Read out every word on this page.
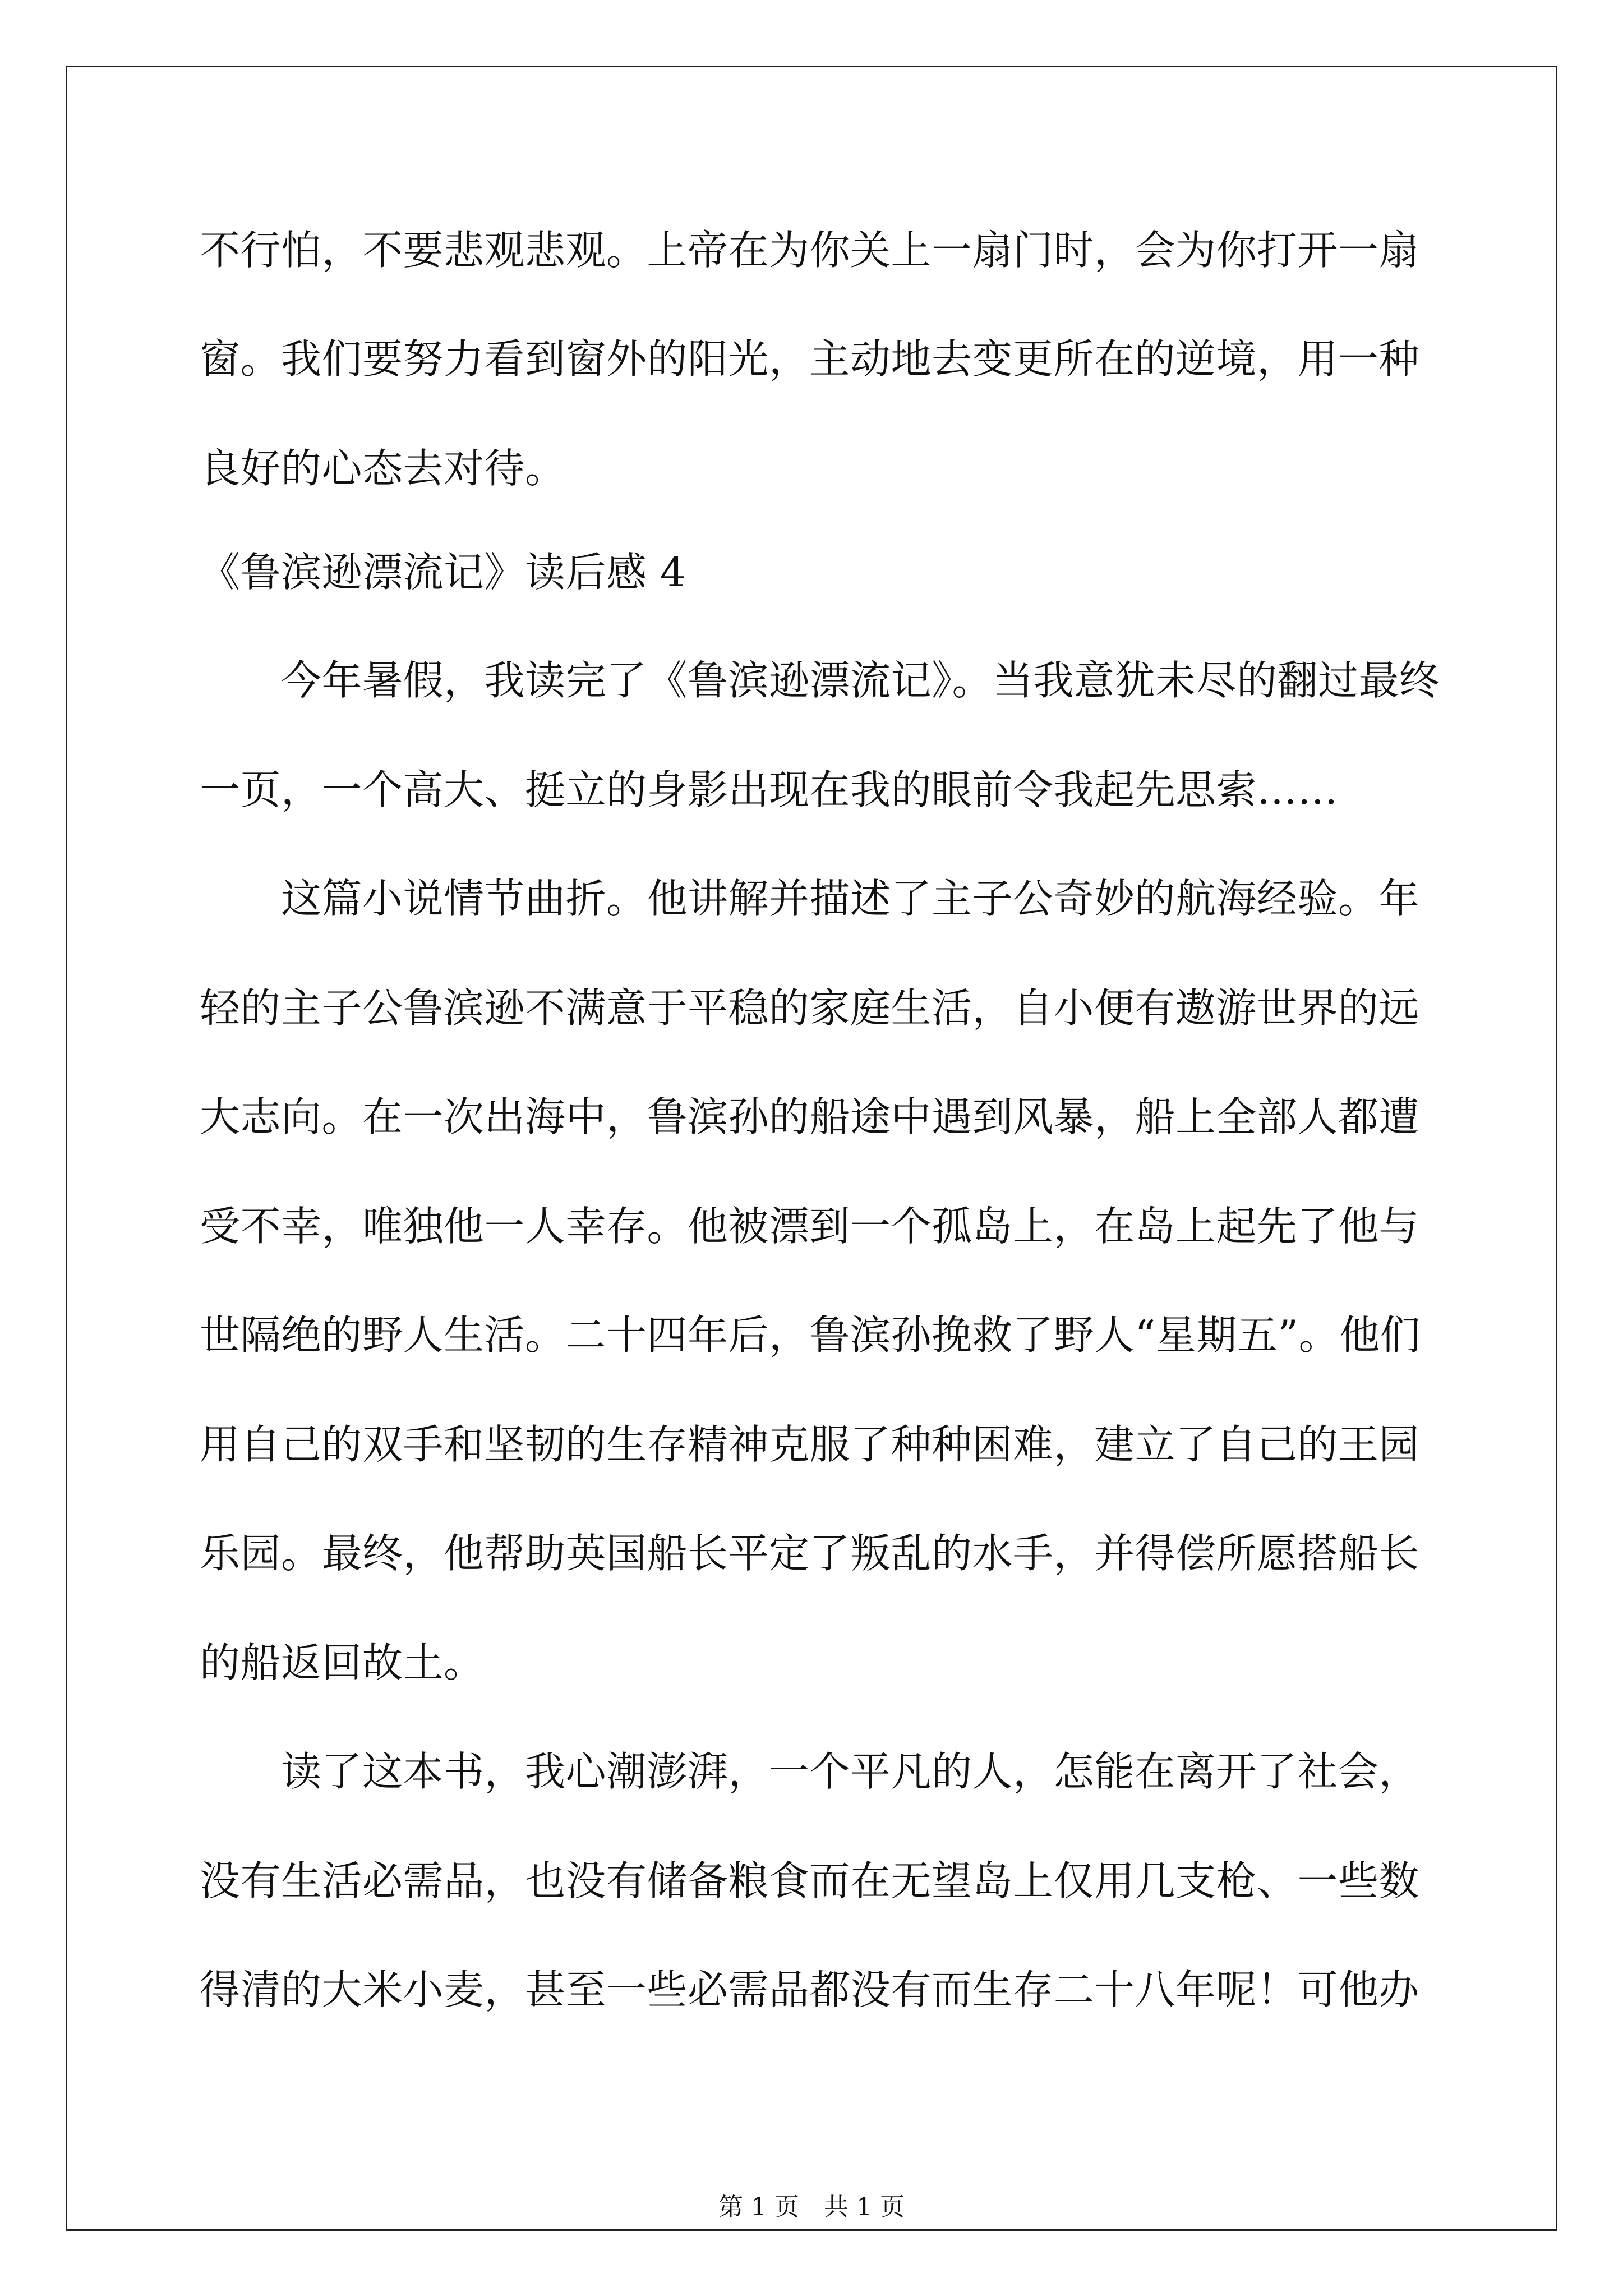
不行怕，不要悲观悲观。上帝在为你关上一扇门时，会为你打开一扇
窗。我们要努力看到窗外的阳光，主动地去变更所在的逆境，用一种
良好的心态去对待。
《鲁滨逊漂流记》读后感 4
　　今年暑假，我读完了《鲁滨逊漂流记》。当我意犹未尽的翻过最终
一页，一个高大、挺立的身影出现在我的眼前令我起先思索……
　　这篇小说情节曲折。他讲解并描述了主子公奇妙的航海经验。年
轻的主子公鲁滨逊不满意于平稳的家庭生活，自小便有遨游世界的远
大志向。在一次出海中，鲁滨孙的船途中遇到风暴，船上全部人都遭
受不幸，唯独他一人幸存。他被漂到一个孤岛上，在岛上起先了他与
世隔绝的野人生活。二十四年后，鲁滨孙挽救了野人“星期五”。他们
用自己的双手和坚韧的生存精神克服了种种困难，建立了自己的王园
乐园。最终，他帮助英国船长平定了叛乱的水手，并得偿所愿搭船长
的船返回故土。
　　读了这本书，我心潮澎湃，一个平凡的人，怎能在离开了社会，
没有生活必需品，也没有储备粮食而在无望岛上仅用几支枪、一些数
得清的大米小麦，甚至一些必需品都没有而生存二十八年呢！可他办
第 1 页　共 1 页
